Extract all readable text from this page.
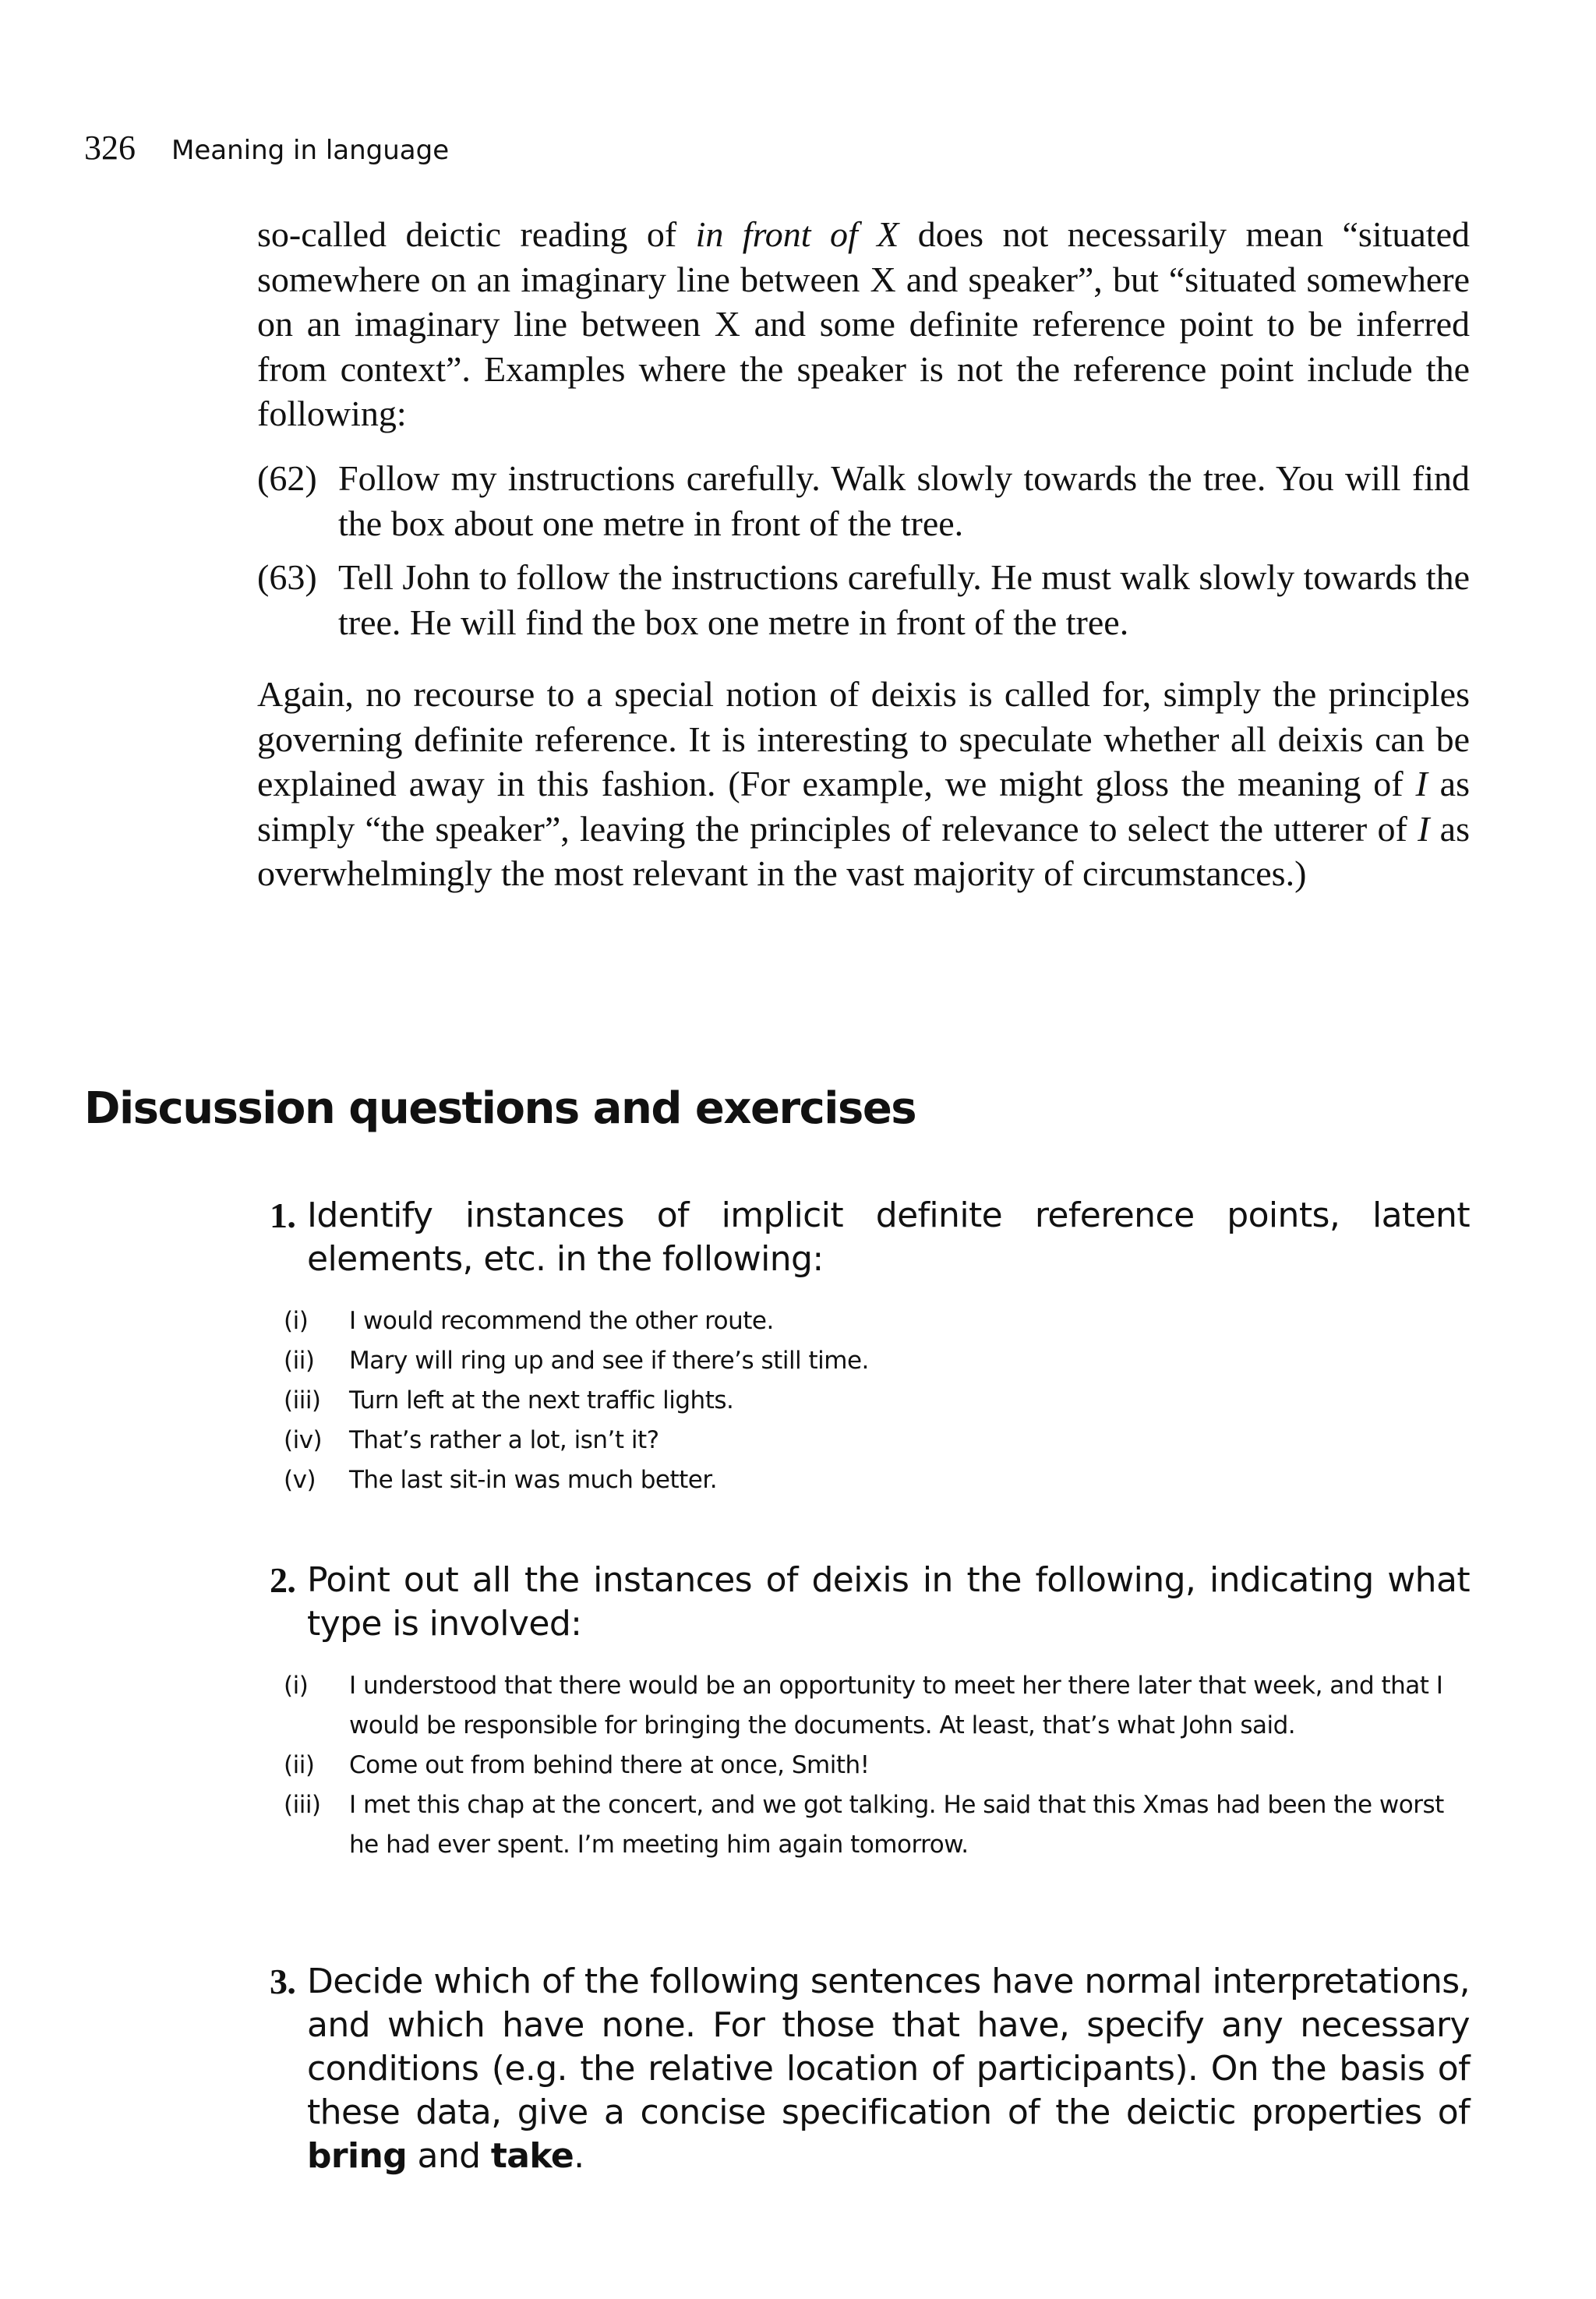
326 Meaning in language

so-called deictic reading of in front of X does not necessarily mean “situated somewhere on an imaginary line between X and speaker”, but “situated somewhere on an imaginary line between X and some definite reference point to be inferred from context”. Examples where the speaker is not the reference point include the following:

(62) Follow my instructions carefully. Walk slowly towards the tree. You will find the box about one metre in front of the tree.
(63) Tell John to follow the instructions carefully. He must walk slowly towards the tree. He will find the box one metre in front of the tree.

Again, no recourse to a special notion of deixis is called for, simply the principles governing definite reference. It is interesting to speculate whether all deixis can be explained away in this fashion. (For example, we might gloss the meaning of I as simply “the speaker”, leaving the principles of relevance to select the utterer of I as overwhelmingly the most relevant in the vast majority of circumstances.)

Discussion questions and exercises
1. Identify instances of implicit definite reference points, latent elements, etc. in the following:
(i) I would recommend the other route.
(ii) Mary will ring up and see if there’s still time.
(iii) Turn left at the next traffic lights.
(iv) That’s rather a lot, isn’t it?
(v) The last sit-in was much better.
2. Point out all the instances of deixis in the following, indicating what type is involved:
(i) I understood that there would be an opportunity to meet her there later that week, and that I would be responsible for bringing the documents. At least, that’s what John said.
(ii) Come out from behind there at once, Smith!
(iii) I met this chap at the concert, and we got talking. He said that this Xmas had been the worst he had ever spent. I’m meeting him again tomorrow.
3. Decide which of the following sentences have normal interpretations, and which have none. For those that have, specify any necessary conditions (e.g. the relative location of participants). On the basis of these data, give a concise specification of the deictic properties of bring and take.
